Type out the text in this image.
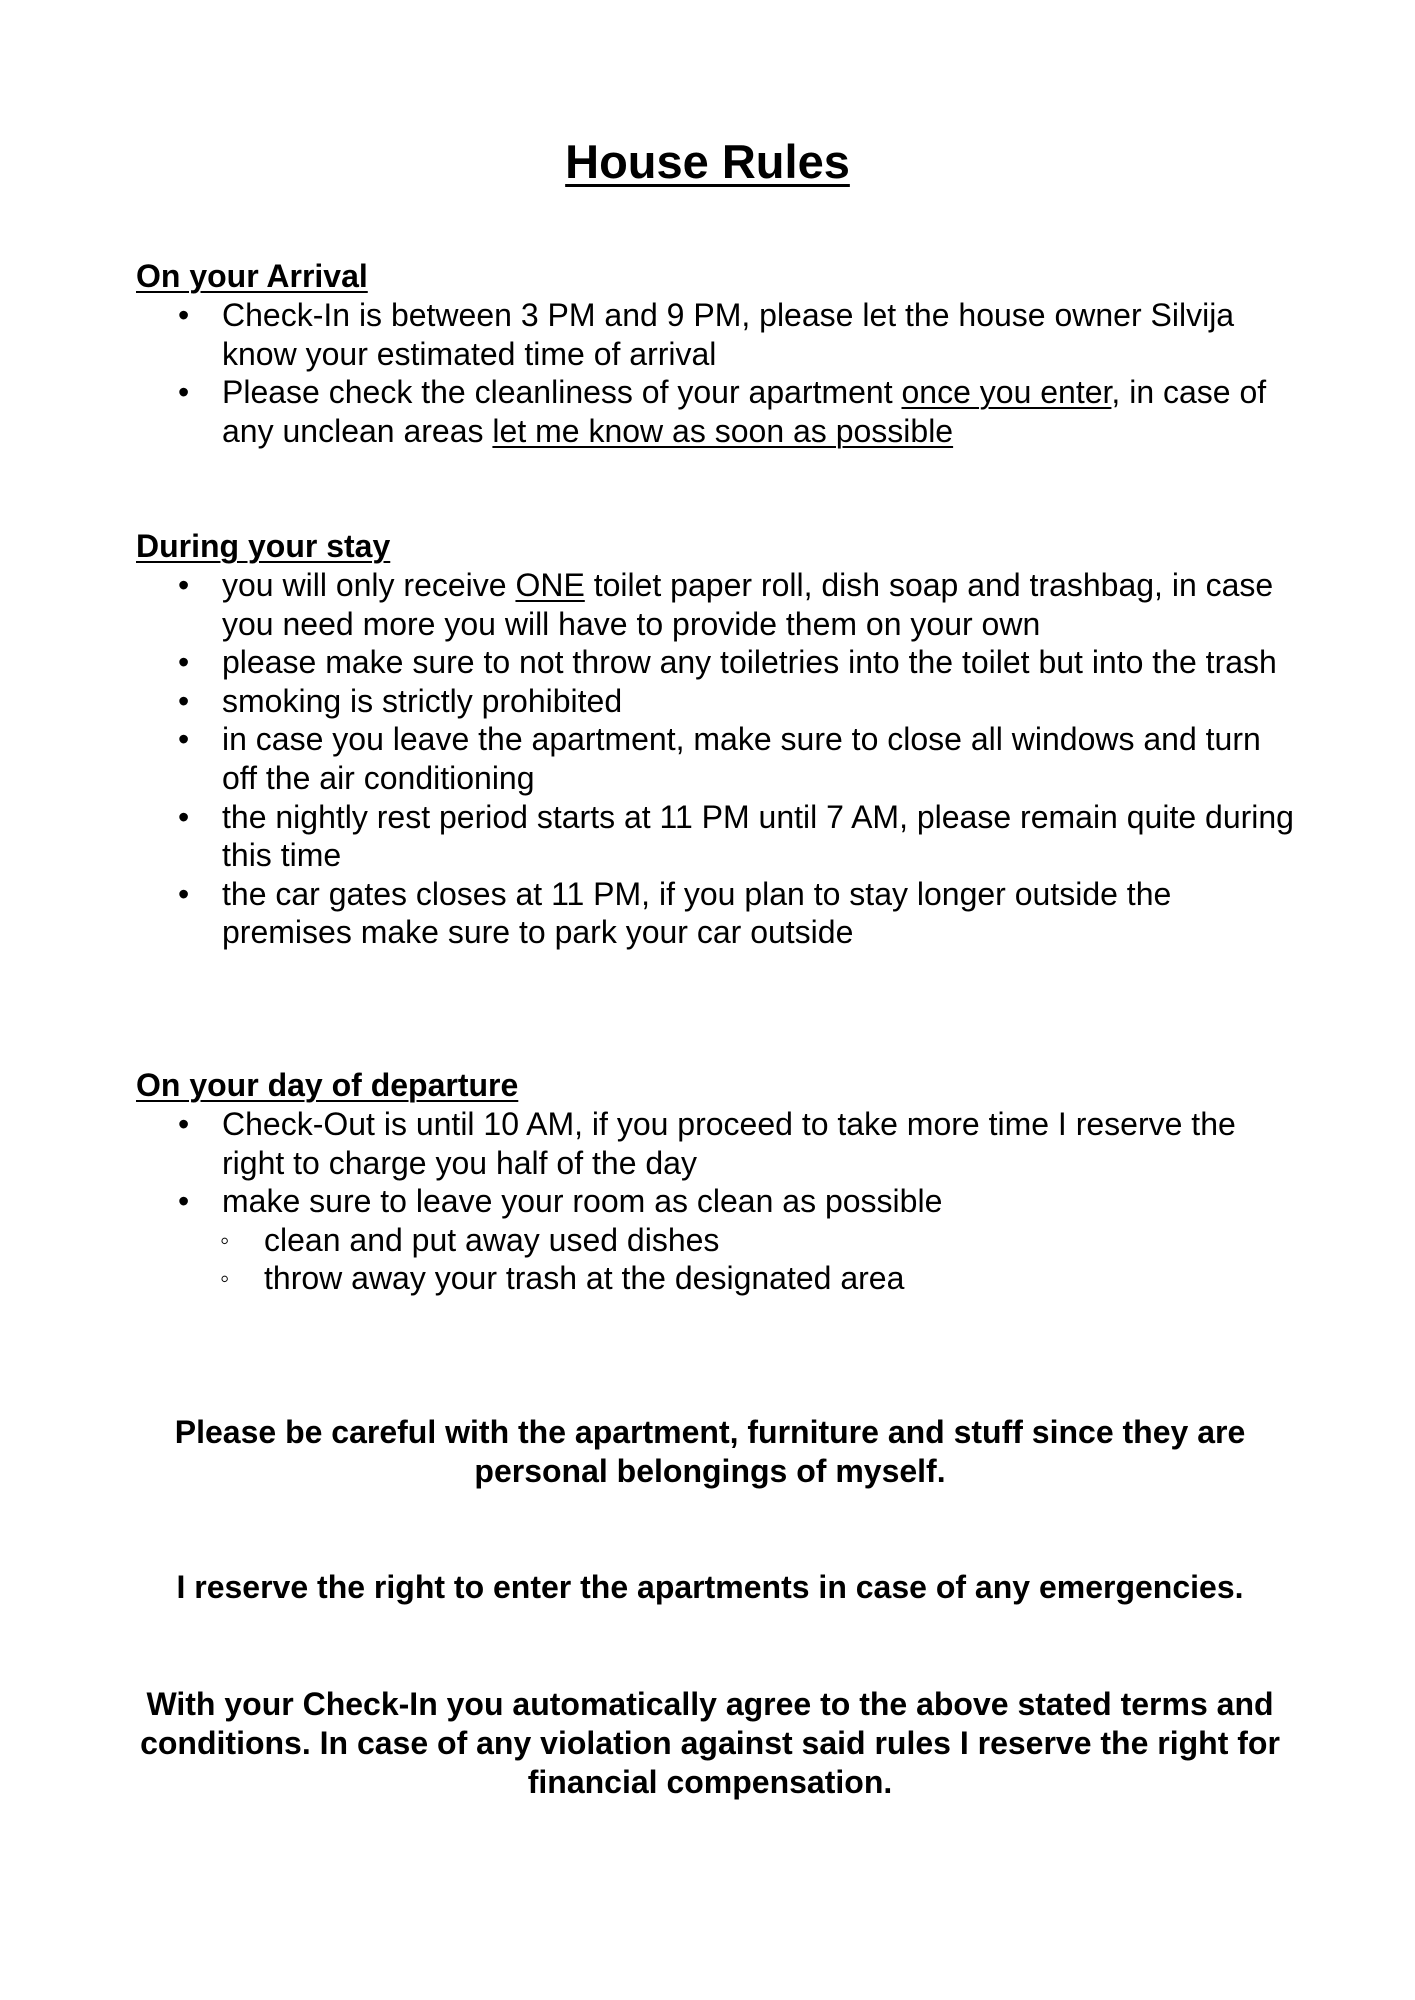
House Rules

On your Arrival

• Check-In is between 3 PM and 9 PM, please let the house owner Silvija know your estimated time of arrival
• Please check the cleanliness of your apartment once you enter, in case of any unclean areas let me know as soon as possible

During your stay

• you will only receive ONE toilet paper roll, dish soap and trashbag, in case you need more you will have to provide them on your own
• please make sure to not throw any toiletries into the toilet but into the trash
• smoking is strictly prohibited
• in case you leave the apartment, make sure to close all windows and turn off the air conditioning
• the nightly rest period starts at 11 PM until 7 AM, please remain quite during this time
• the car gates closes at 11 PM, if you plan to stay longer outside the premises make sure to park your car outside

On your day of departure

• Check-Out is until 10 AM, if you proceed to take more time I reserve the right to charge you half of the day
• make sure to leave your room as clean as possible
◦ clean and put away used dishes
◦ throw away your trash at the designated area

Please be careful with the apartment, furniture and stuff since they are personal belongings of myself.

I reserve the right to enter the apartments in case of any emergencies.

With your Check-In you automatically agree to the above stated terms and conditions. In case of any violation against said rules I reserve the right for financial compensation.
